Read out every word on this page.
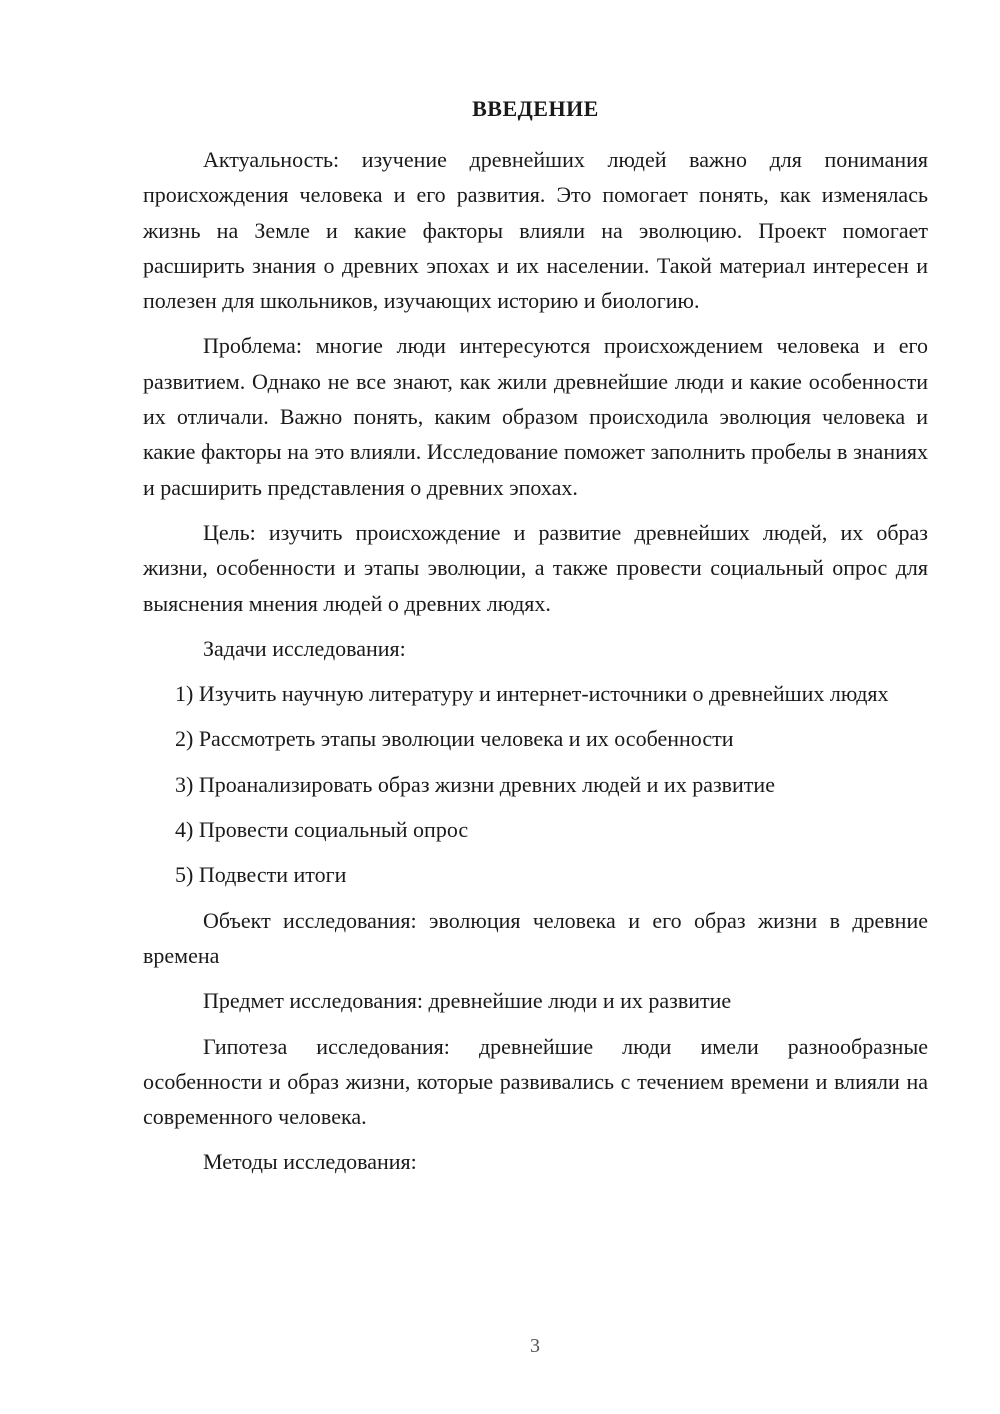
ВВЕДЕНИЕ

Актуальность: изучение древнейших людей важно для понимания происхождения человека и его развития. Это помогает понять, как изменялась жизнь на Земле и какие факторы влияли на эволюцию. Проект помогает расширить знания о древних эпохах и их населении. Такой материал интересен и полезен для школьников, изучающих историю и биологию.

Проблема: многие люди интересуются происхождением человека и его развитием. Однако не все знают, как жили древнейшие люди и какие особенности их отличали. Важно понять, каким образом происходила эволюция человека и какие факторы на это влияли. Исследование поможет заполнить пробелы в знаниях и расширить представления о древних эпохах.

Цель: изучить происхождение и развитие древнейших людей, их образ жизни, особенности и этапы эволюции, а также провести социальный опрос для выяснения мнения людей о древних людях.

Задачи исследования:

1) Изучить научную литературу и интернет-источники о древнейших людях

2) Рассмотреть этапы эволюции человека и их особенности

3) Проанализировать образ жизни древних людей и их развитие

4) Провести социальный опрос

5) Подвести итоги

Объект исследования: эволюция человека и его образ жизни в древние времена

Предмет исследования: древнейшие люди и их развитие

Гипотеза исследования: древнейшие люди имели разнообразные особенности и образ жизни, которые развивались с течением времени и влияли на современного человека.

Методы исследования:

3
